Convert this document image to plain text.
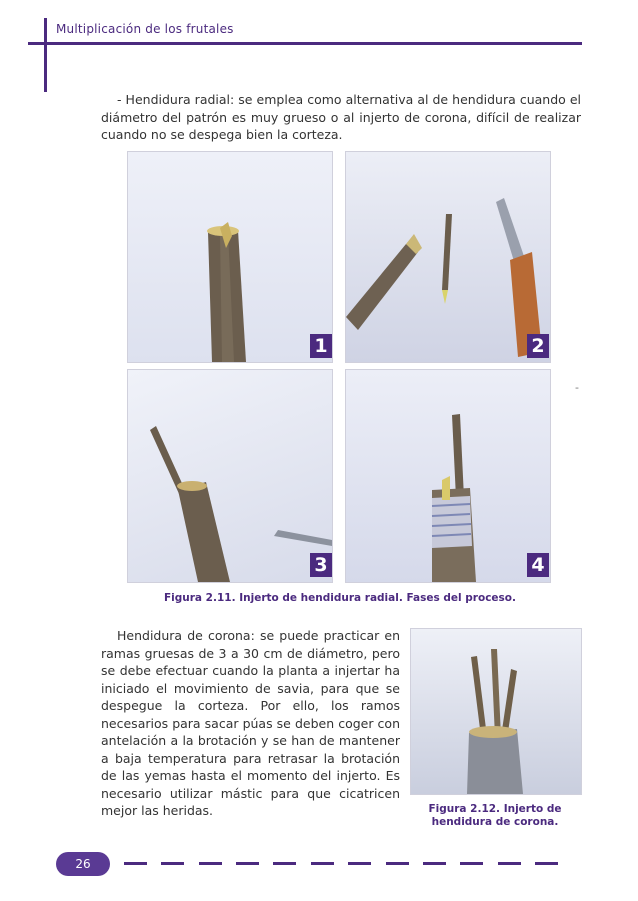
Multiplicación de los frutales
- Hendidura radial: se emplea como alternativa al de hendidura cuando el diámetro del patrón es muy grueso o al injerto de corona, difícil de realizar cuando no se despega bien la corteza.
1	2
3	4
-
Figura 2.11. Injerto de hendidura radial. Fases del proceso.
Hendidura de corona: se puede practicar en ramas gruesas de 3 a 30 cm de diámetro, pero se debe efectuar cuando la planta a injertar ha iniciado el movimiento de savia, para que se despegue la corteza. Por ello, los ramos necesarios para sacar púas se deben coger con antelación a la brotación y se han de mantener a baja temperatura para retrasar la brotación de las yemas hasta el momento del injerto. Es necesario utilizar mástic para que cicatricen mejor las heridas.	Figura 2.12. Injerto de hendidura de corona.
26
